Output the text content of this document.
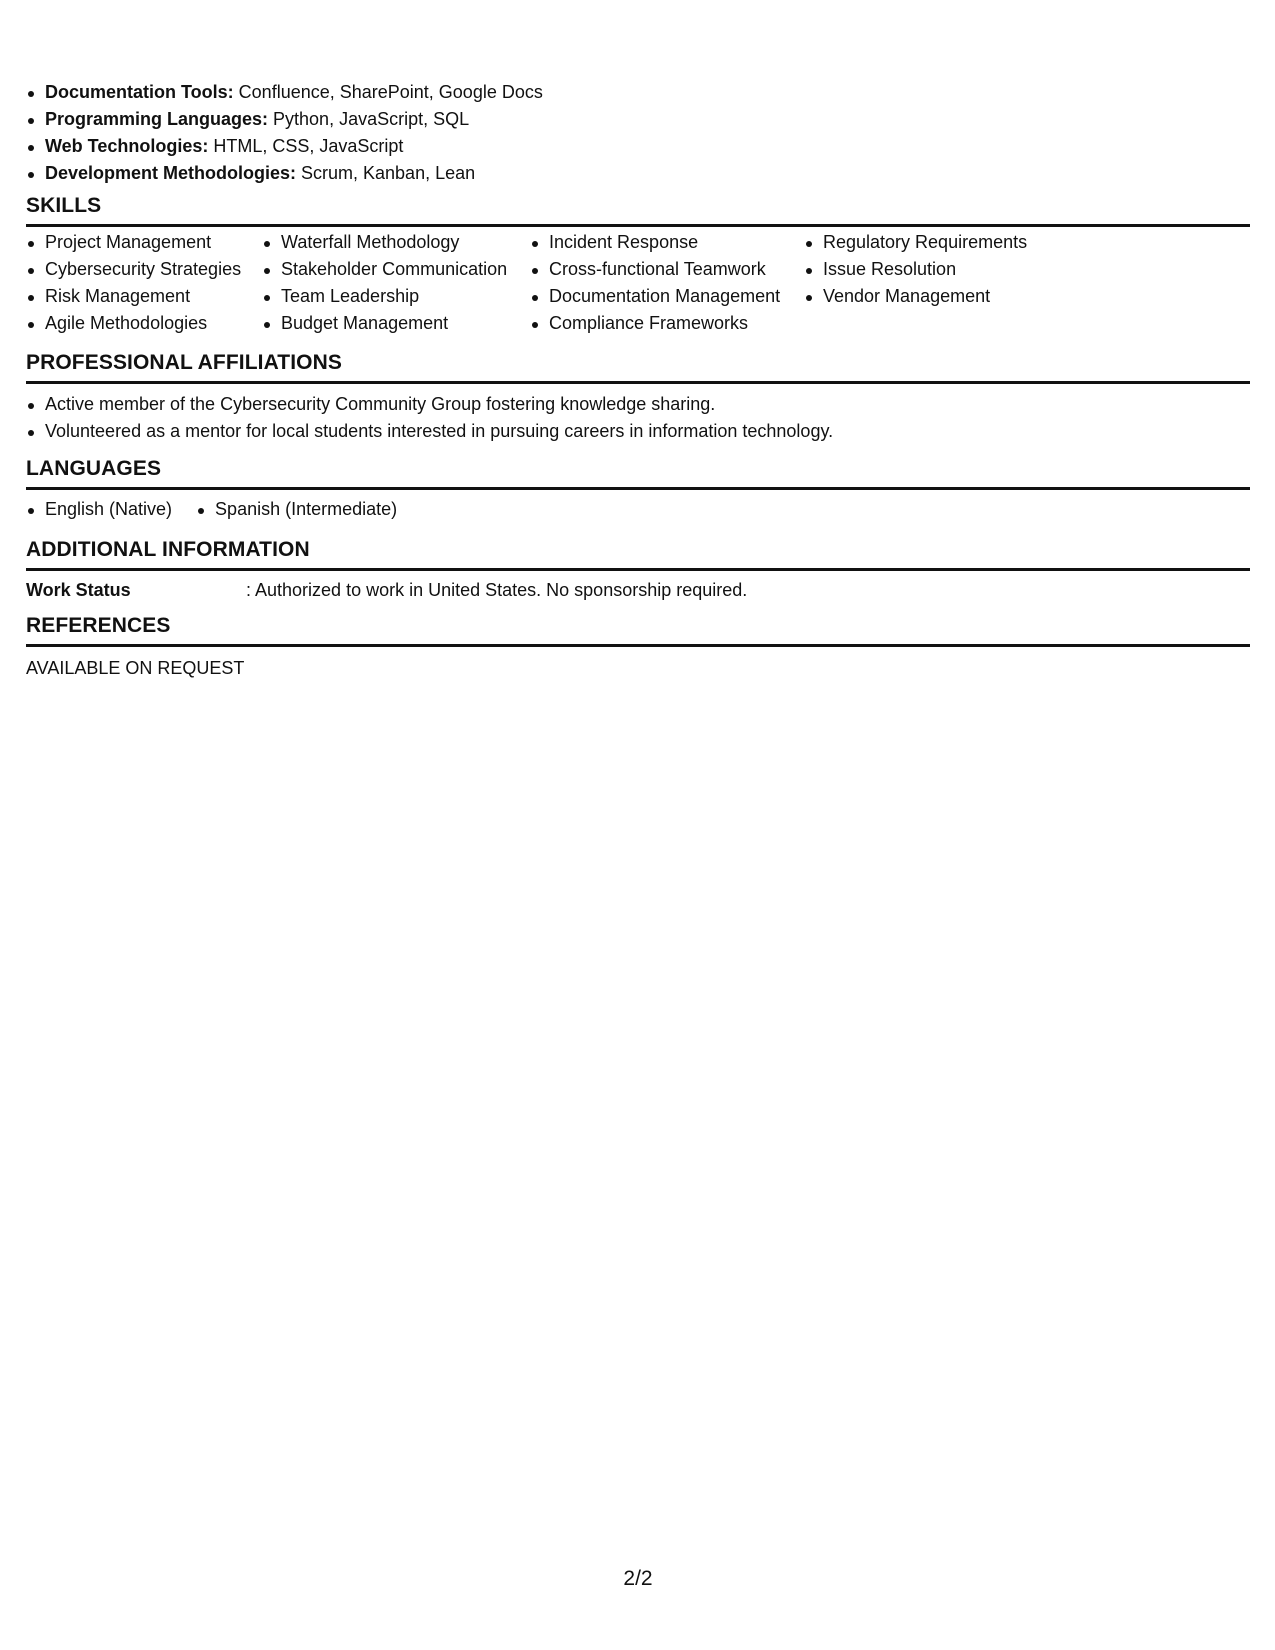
Documentation Tools: Confluence, SharePoint, Google Docs
Programming Languages: Python, JavaScript, SQL
Web Technologies: HTML, CSS, JavaScript
Development Methodologies: Scrum, Kanban, Lean
SKILLS
Project Management
Cybersecurity Strategies
Risk Management
Agile Methodologies
Waterfall Methodology
Stakeholder Communication
Team Leadership
Budget Management
Incident Response
Cross-functional Teamwork
Documentation Management
Compliance Frameworks
Regulatory Requirements
Issue Resolution
Vendor Management
PROFESSIONAL AFFILIATIONS
Active member of the Cybersecurity Community Group fostering knowledge sharing.
Volunteered as a mentor for local students interested in pursuing careers in information technology.
LANGUAGES
English (Native)	Spanish (Intermediate)
ADDITIONAL INFORMATION
Work Status	: Authorized to work in United States. No sponsorship required.
REFERENCES
AVAILABLE ON REQUEST
2/2
